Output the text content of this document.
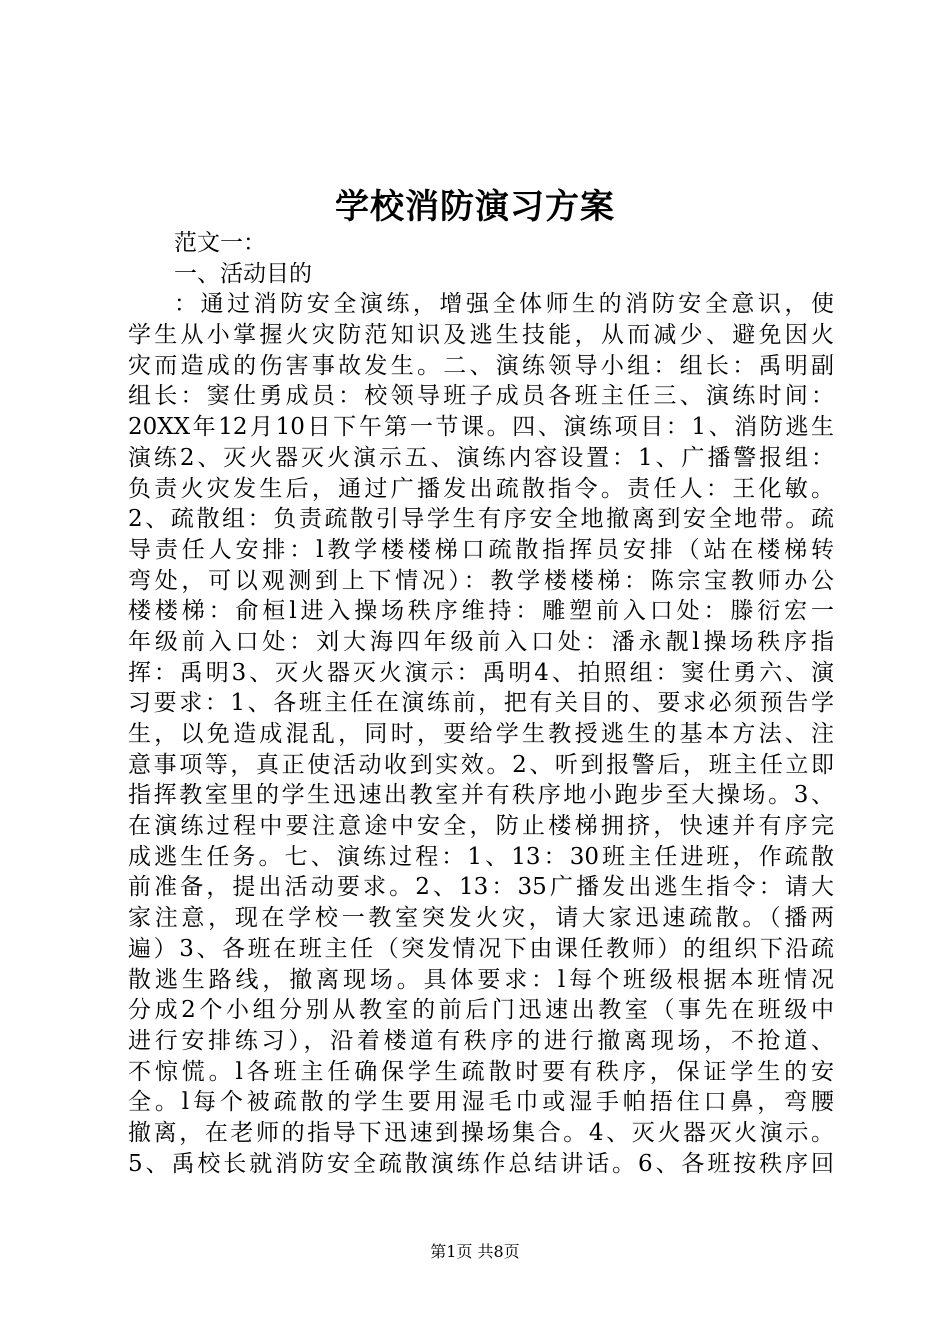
学校消防演习方案
范文一：
一、活动目的
：通过消防安全演练，增强全体师生的消防安全意识，使
学生从小掌握火灾防范知识及逃生技能，从而减少、避免因火
灾而造成的伤害事故发生。二、演练领导小组：组长：禹明副
组长：窦仕勇成员：校领导班子成员各班主任三、演练时间：
20XX年12月10日下午第一节课。四、演练项目：1、消防逃生
演练2、灭火器灭火演示五、演练内容设置：1、广播警报组：
负责火灾发生后，通过广播发出疏散指令。责任人：王化敏。
2、疏散组：负责疏散引导学生有序安全地撤离到安全地带。疏
导责任人安排：l教学楼楼梯口疏散指挥员安排（站在楼梯转
弯处，可以观测到上下情况）：教学楼楼梯：陈宗宝教师办公
楼楼梯：俞桓l进入操场秩序维持：雕塑前入口处：滕衍宏一
年级前入口处：刘大海四年级前入口处：潘永靓l操场秩序指
挥：禹明3、灭火器灭火演示：禹明4、拍照组：窦仕勇六、演
习要求：1、各班主任在演练前，把有关目的、要求必须预告学
生，以免造成混乱，同时，要给学生教授逃生的基本方法、注
意事项等，真正使活动收到实效。2、听到报警后，班主任立即
指挥教室里的学生迅速出教室并有秩序地小跑步至大操场。3、
在演练过程中要注意途中安全，防止楼梯拥挤，快速并有序完
成逃生任务。七、演练过程：1、13：30班主任进班，作疏散
前准备，提出活动要求。2、13：35广播发出逃生指令：请大
家注意，现在学校一教室突发火灾，请大家迅速疏散。（播两
遍）3、各班在班主任（突发情况下由课任教师）的组织下沿疏
散逃生路线，撤离现场。具体要求：l每个班级根据本班情况
分成2个小组分别从教室的前后门迅速出教室（事先在班级中
进行安排练习），沿着楼道有秩序的进行撤离现场，不抢道、
不惊慌。l各班主任确保学生疏散时要有秩序，保证学生的安
全。l每个被疏散的学生要用湿毛巾或湿手帕捂住口鼻，弯腰
撤离，在老师的指导下迅速到操场集合。4、灭火器灭火演示。
5、禹校长就消防安全疏散演练作总结讲话。6、各班按秩序回
第1页 共8页
